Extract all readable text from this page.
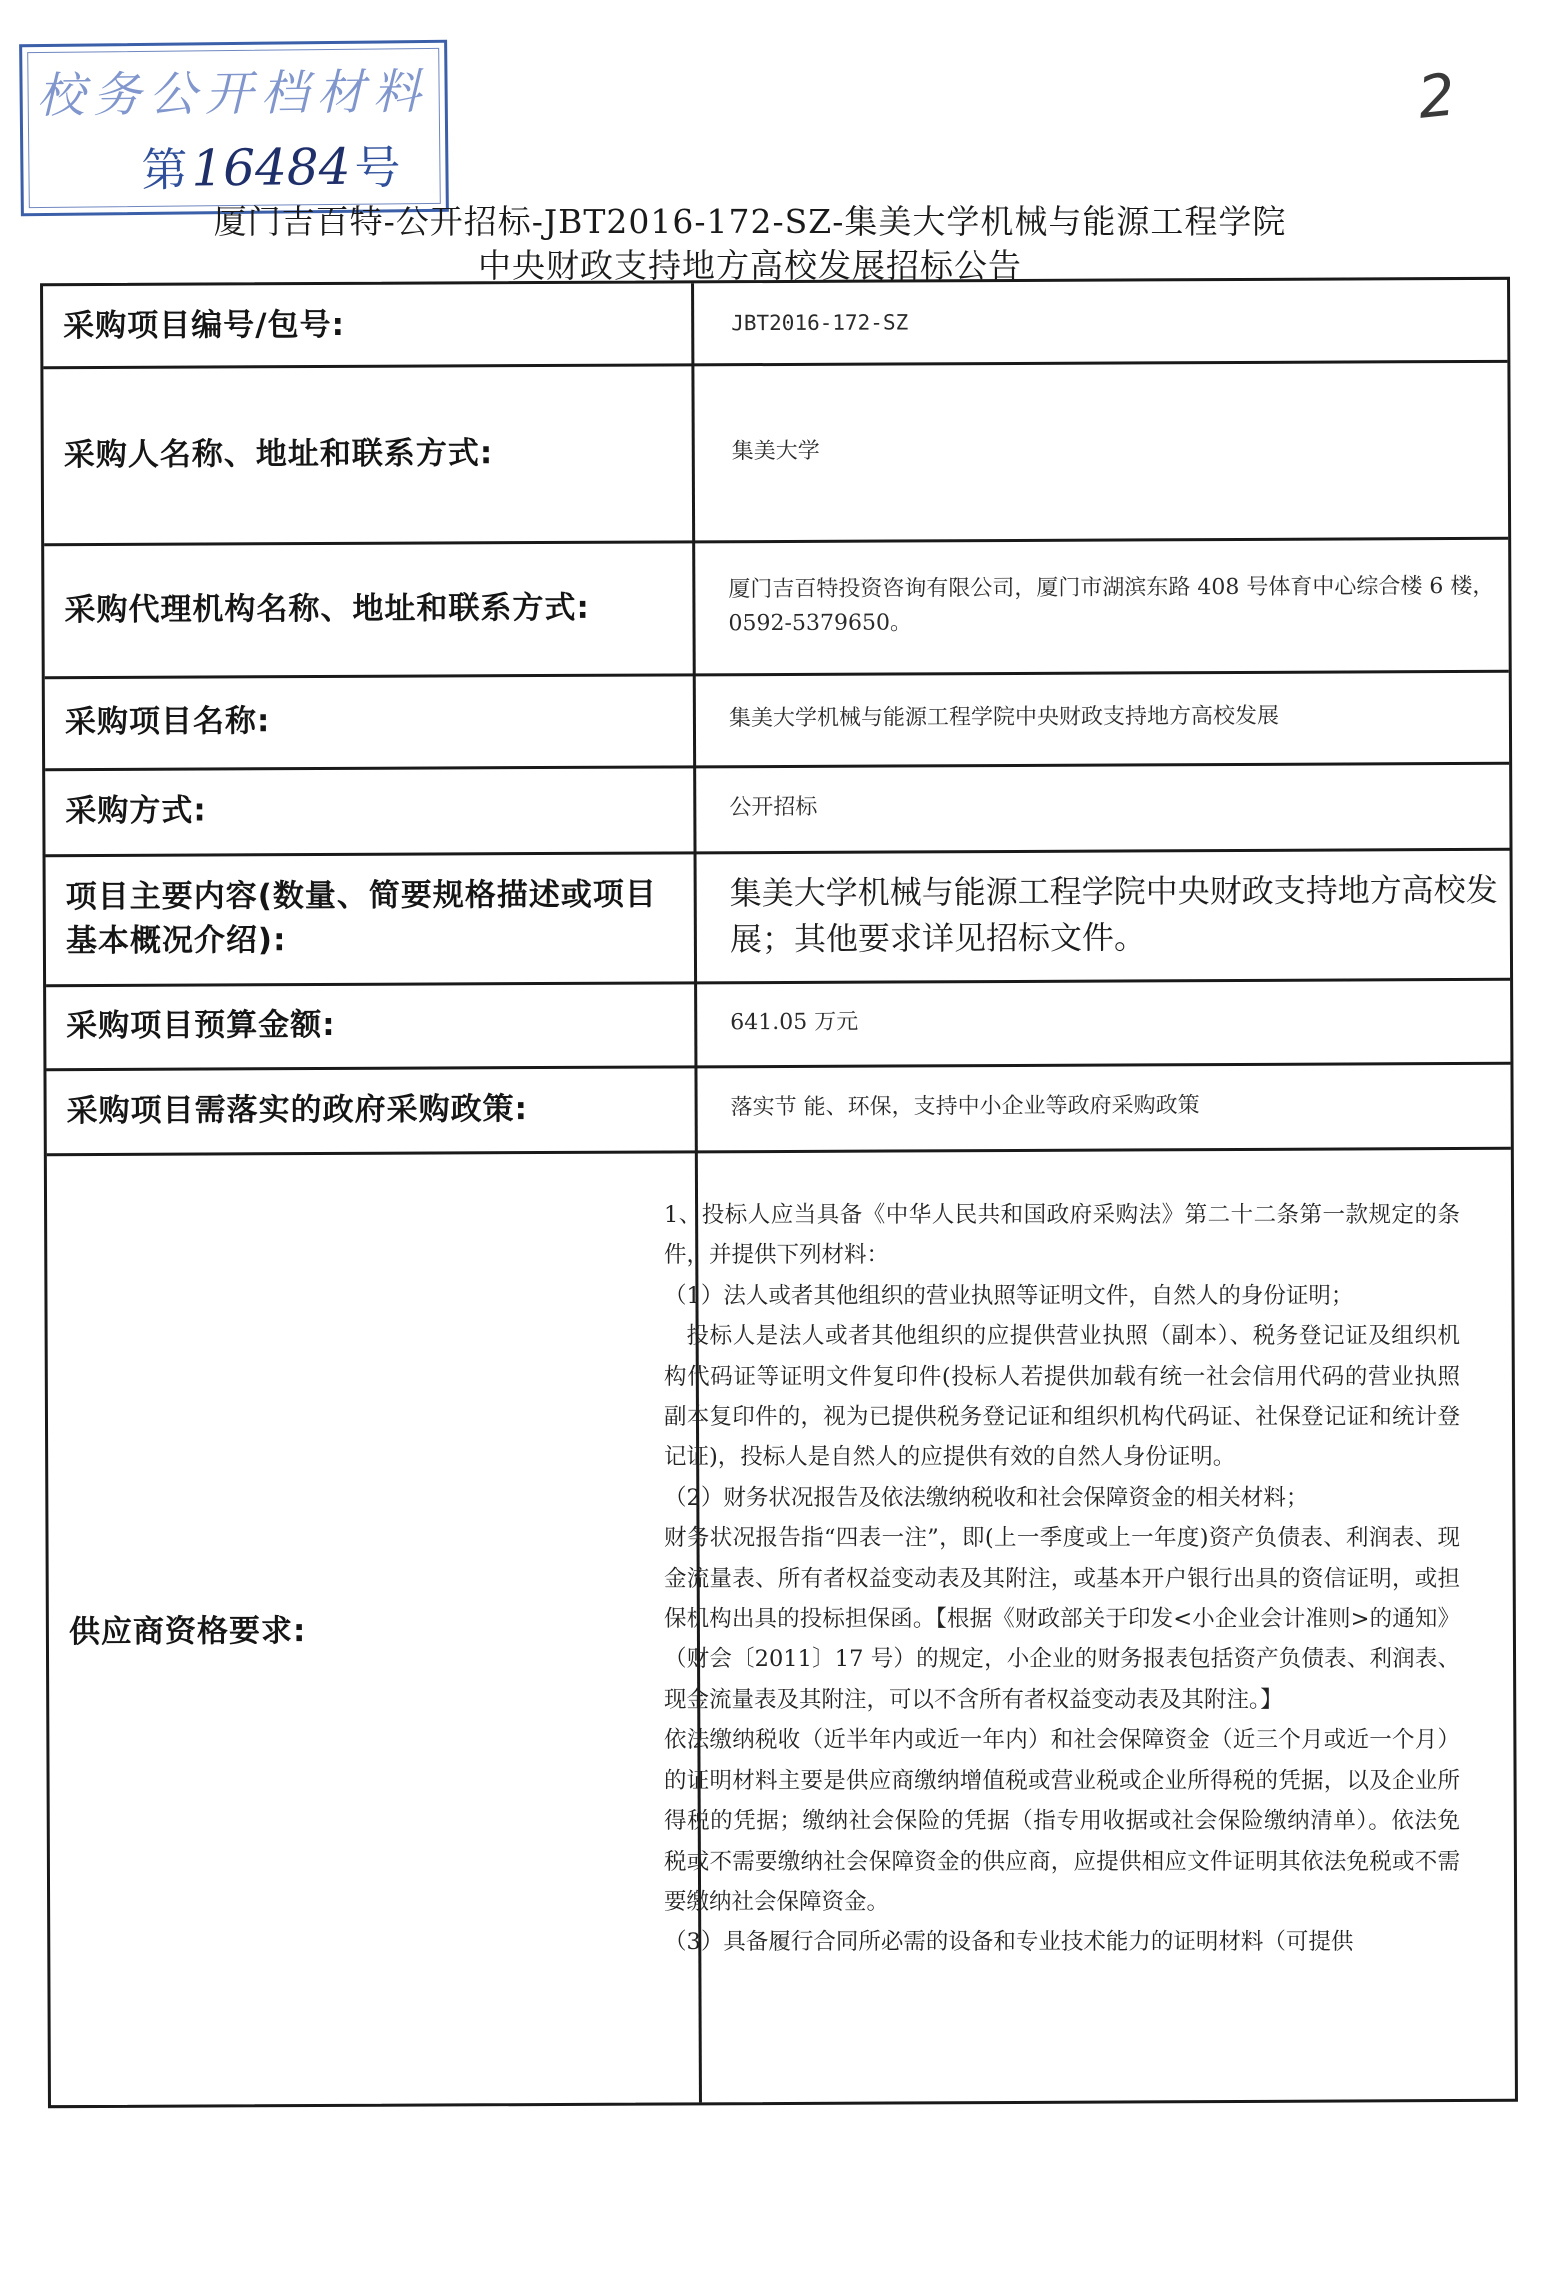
校务公开档材料
第16484号
2
厦门吉百特-公开招标-JBT2016-172-SZ-集美大学机械与能源工程学院
中央财政支持地方高校发展招标公告
采购项目编号/包号:	JBT2016-172-SZ
采购人名称、地址和联系方式:	集美大学
采购代理机构名称、地址和联系方式:
厦门吉百特投资咨询有限公司，厦门市湖滨东路 408 号体育中心综合楼 6 楼，0592-5379650。
采购项目名称:	集美大学机械与能源工程学院中央财政支持地方高校发展
采购方式:	公开招标
项目主要内容(数量、简要规格描述或项目基本概况介绍):
集美大学机械与能源工程学院中央财政支持地方高校发展；其他要求详见招标文件。
采购项目预算金额:	641.05 万元
采购项目需落实的政府采购政策:	落实节 能、环保，支持中小企业等政府采购政策
供应商资格要求:

1、投标人应当具备《中华人民共和国政府采购法》第二十二条第一款规定的条件，并提供下列材料：

（1）法人或者其他组织的营业执照等证明文件，自然人的身份证明；

投标人是法人或者其他组织的应提供营业执照（副本）、税务登记证及组织机构代码证等证明文件复印件(投标人若提供加载有统一社会信用代码的营业执照副本复印件的，视为已提供税务登记证和组织机构代码证、社保登记证和统计登记证)，投标人是自然人的应提供有效的自然人身份证明。

（2）财务状况报告及依法缴纳税收和社会保障资金的相关材料；

财务状况报告指“四表一注”，即(上一季度或上一年度)资产负债表、利润表、现金流量表、所有者权益变动表及其附注，或基本开户银行出具的资信证明，或担保机构出具的投标担保函。【根据《财政部关于印发<小企业会计准则>的通知》（财会〔2011〕17 号）的规定，小企业的财务报表包括资产负债表、利润表、现金流量表及其附注，可以不含所有者权益变动表及其附注。】

依法缴纳税收（近半年内或近一年内）和社会保障资金（近三个月或近一个月）的证明材料主要是供应商缴纳增值税或营业税或企业所得税的凭据，以及企业所得税的凭据；缴纳社会保险的凭据（指专用收据或社会保险缴纳清单）。依法免税或不需要缴纳社会保障资金的供应商，应提供相应文件证明其依法免税或不需要缴纳社会保障资金。

（3）具备履行合同所必需的设备和专业技术能力的证明材料（可提供
